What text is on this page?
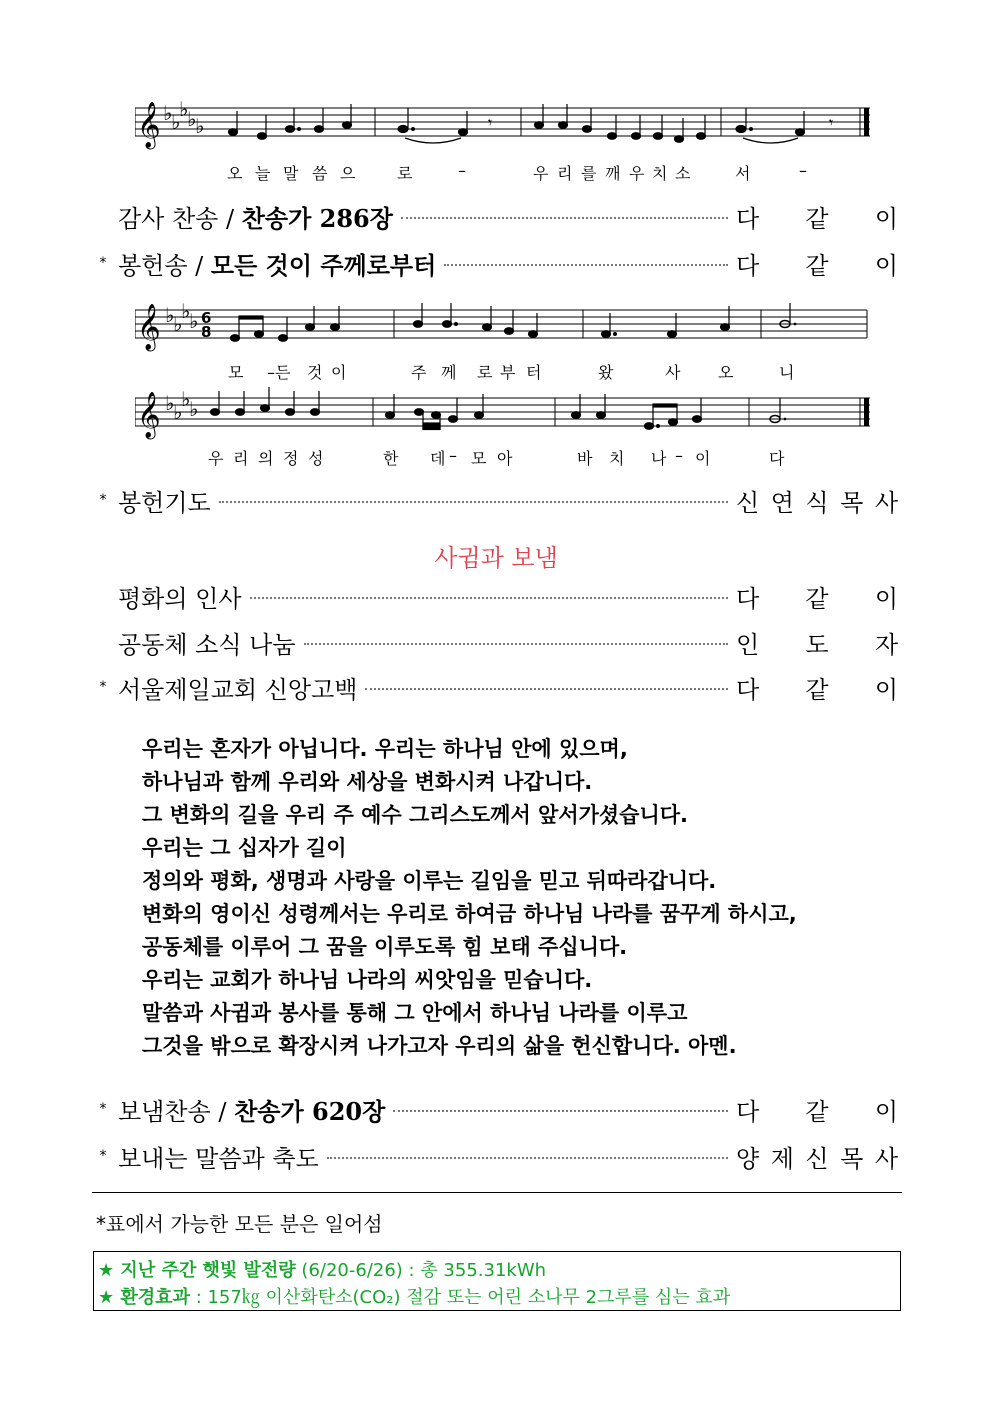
𝄞 ♭
♭
♭
♭
♭	𝄾	𝄾
오 늘 말 씀 으	로	–	우 리 를 깨 우 치 소	서	–
감사 찬송 / 찬송가 286장	다 같 이
* 봉헌송 / 모든 것이 주께로부터	다 같 이
𝄞 ♭
♭
♭
♭ 6
8
모 –든 것 이	주 께 로 부 터	왔	사 오	니
𝄞 ♭
♭
♭
♭
우 리 의 정 성	한 데 – 모 아	바 치 나 – 이	다
* 봉헌기도	신 연 식 목 사
사귐과 보냄
평화의 인사	다 같 이
공동체 소식 나눔	인 도 자
* 서울제일교회 신앙고백	다 같 이
우리는 혼자가 아닙니다. 우리는 하나님 안에 있으며,
하나님과 함께 우리와 세상을 변화시켜 나갑니다.
그 변화의 길을 우리 주 예수 그리스도께서 앞서가셨습니다.
우리는 그 십자가 길이
정의와 평화, 생명과 사랑을 이루는 길임을 믿고 뒤따라갑니다.
변화의 영이신 성령께서는 우리로 하여금 하나님 나라를 꿈꾸게 하시고,
공동체를 이루어 그 꿈을 이루도록 힘 보태 주십니다.
우리는 교회가 하나님 나라의 씨앗임을 믿습니다.
말씀과 사귐과 봉사를 통해 그 안에서 하나님 나라를 이루고
그것을 밖으로 확장시켜 나가고자 우리의 삶을 헌신합니다. 아멘.
* 보냄찬송 / 찬송가 620장	다 같 이
* 보내는 말씀과 축도	양 제 신 목 사
*표에서 가능한 모든 분은 일어섬
★ 지난 주간 햇빛 발전량 (6/20-6/26) : 총 355.31kWh
★ 환경효과 : 157㎏ 이산화탄소(CO₂) 절감 또는 어린 소나무 2그루를 심는 효과
